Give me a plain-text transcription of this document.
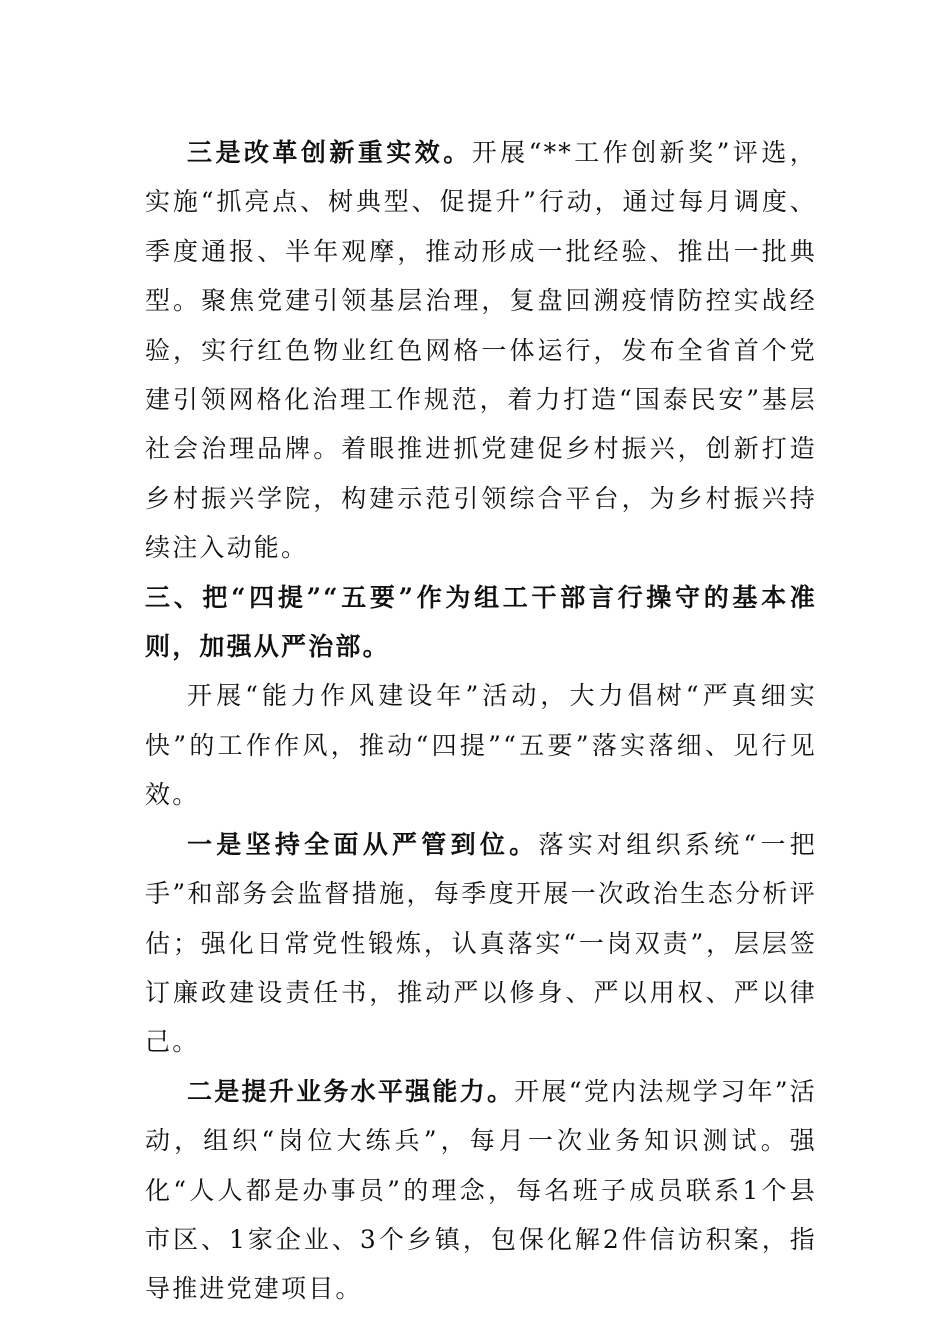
三是改革创新重实效。开展“**工作创新奖”评选，实施“抓亮点、树典型、促提升”行动，通过每月调度、季度通报、半年观摩，推动形成一批经验、推出一批典型。聚焦党建引领基层治理，复盘回溯疫情防控实战经验，实行红色物业红色网格一体运行，发布全省首个党建引领网格化治理工作规范，着力打造“国泰民安”基层社会治理品牌。着眼推进抓党建促乡村振兴，创新打造乡村振兴学院，构建示范引领综合平台，为乡村振兴持续注入动能。

三、把“四提”“五要”作为组工干部言行操守的基本准则，加强从严治部。

开展“能力作风建设年”活动，大力倡树“严真细实快”的工作作风，推动“四提”“五要”落实落细、见行见效。

一是坚持全面从严管到位。落实对组织系统“一把手”和部务会监督措施，每季度开展一次政治生态分析评估；强化日常党性锻炼，认真落实“一岗双责”，层层签订廉政建设责任书，推动严以修身、严以用权、严以律己。

二是提升业务水平强能力。开展“党内法规学习年”活动，组织“岗位大练兵”，每月一次业务知识测试。强化“人人都是办事员”的理念，每名班子成员联系1个县市区、1家企业、3个乡镇，包保化解2件信访积案，指导推进党建项目。
